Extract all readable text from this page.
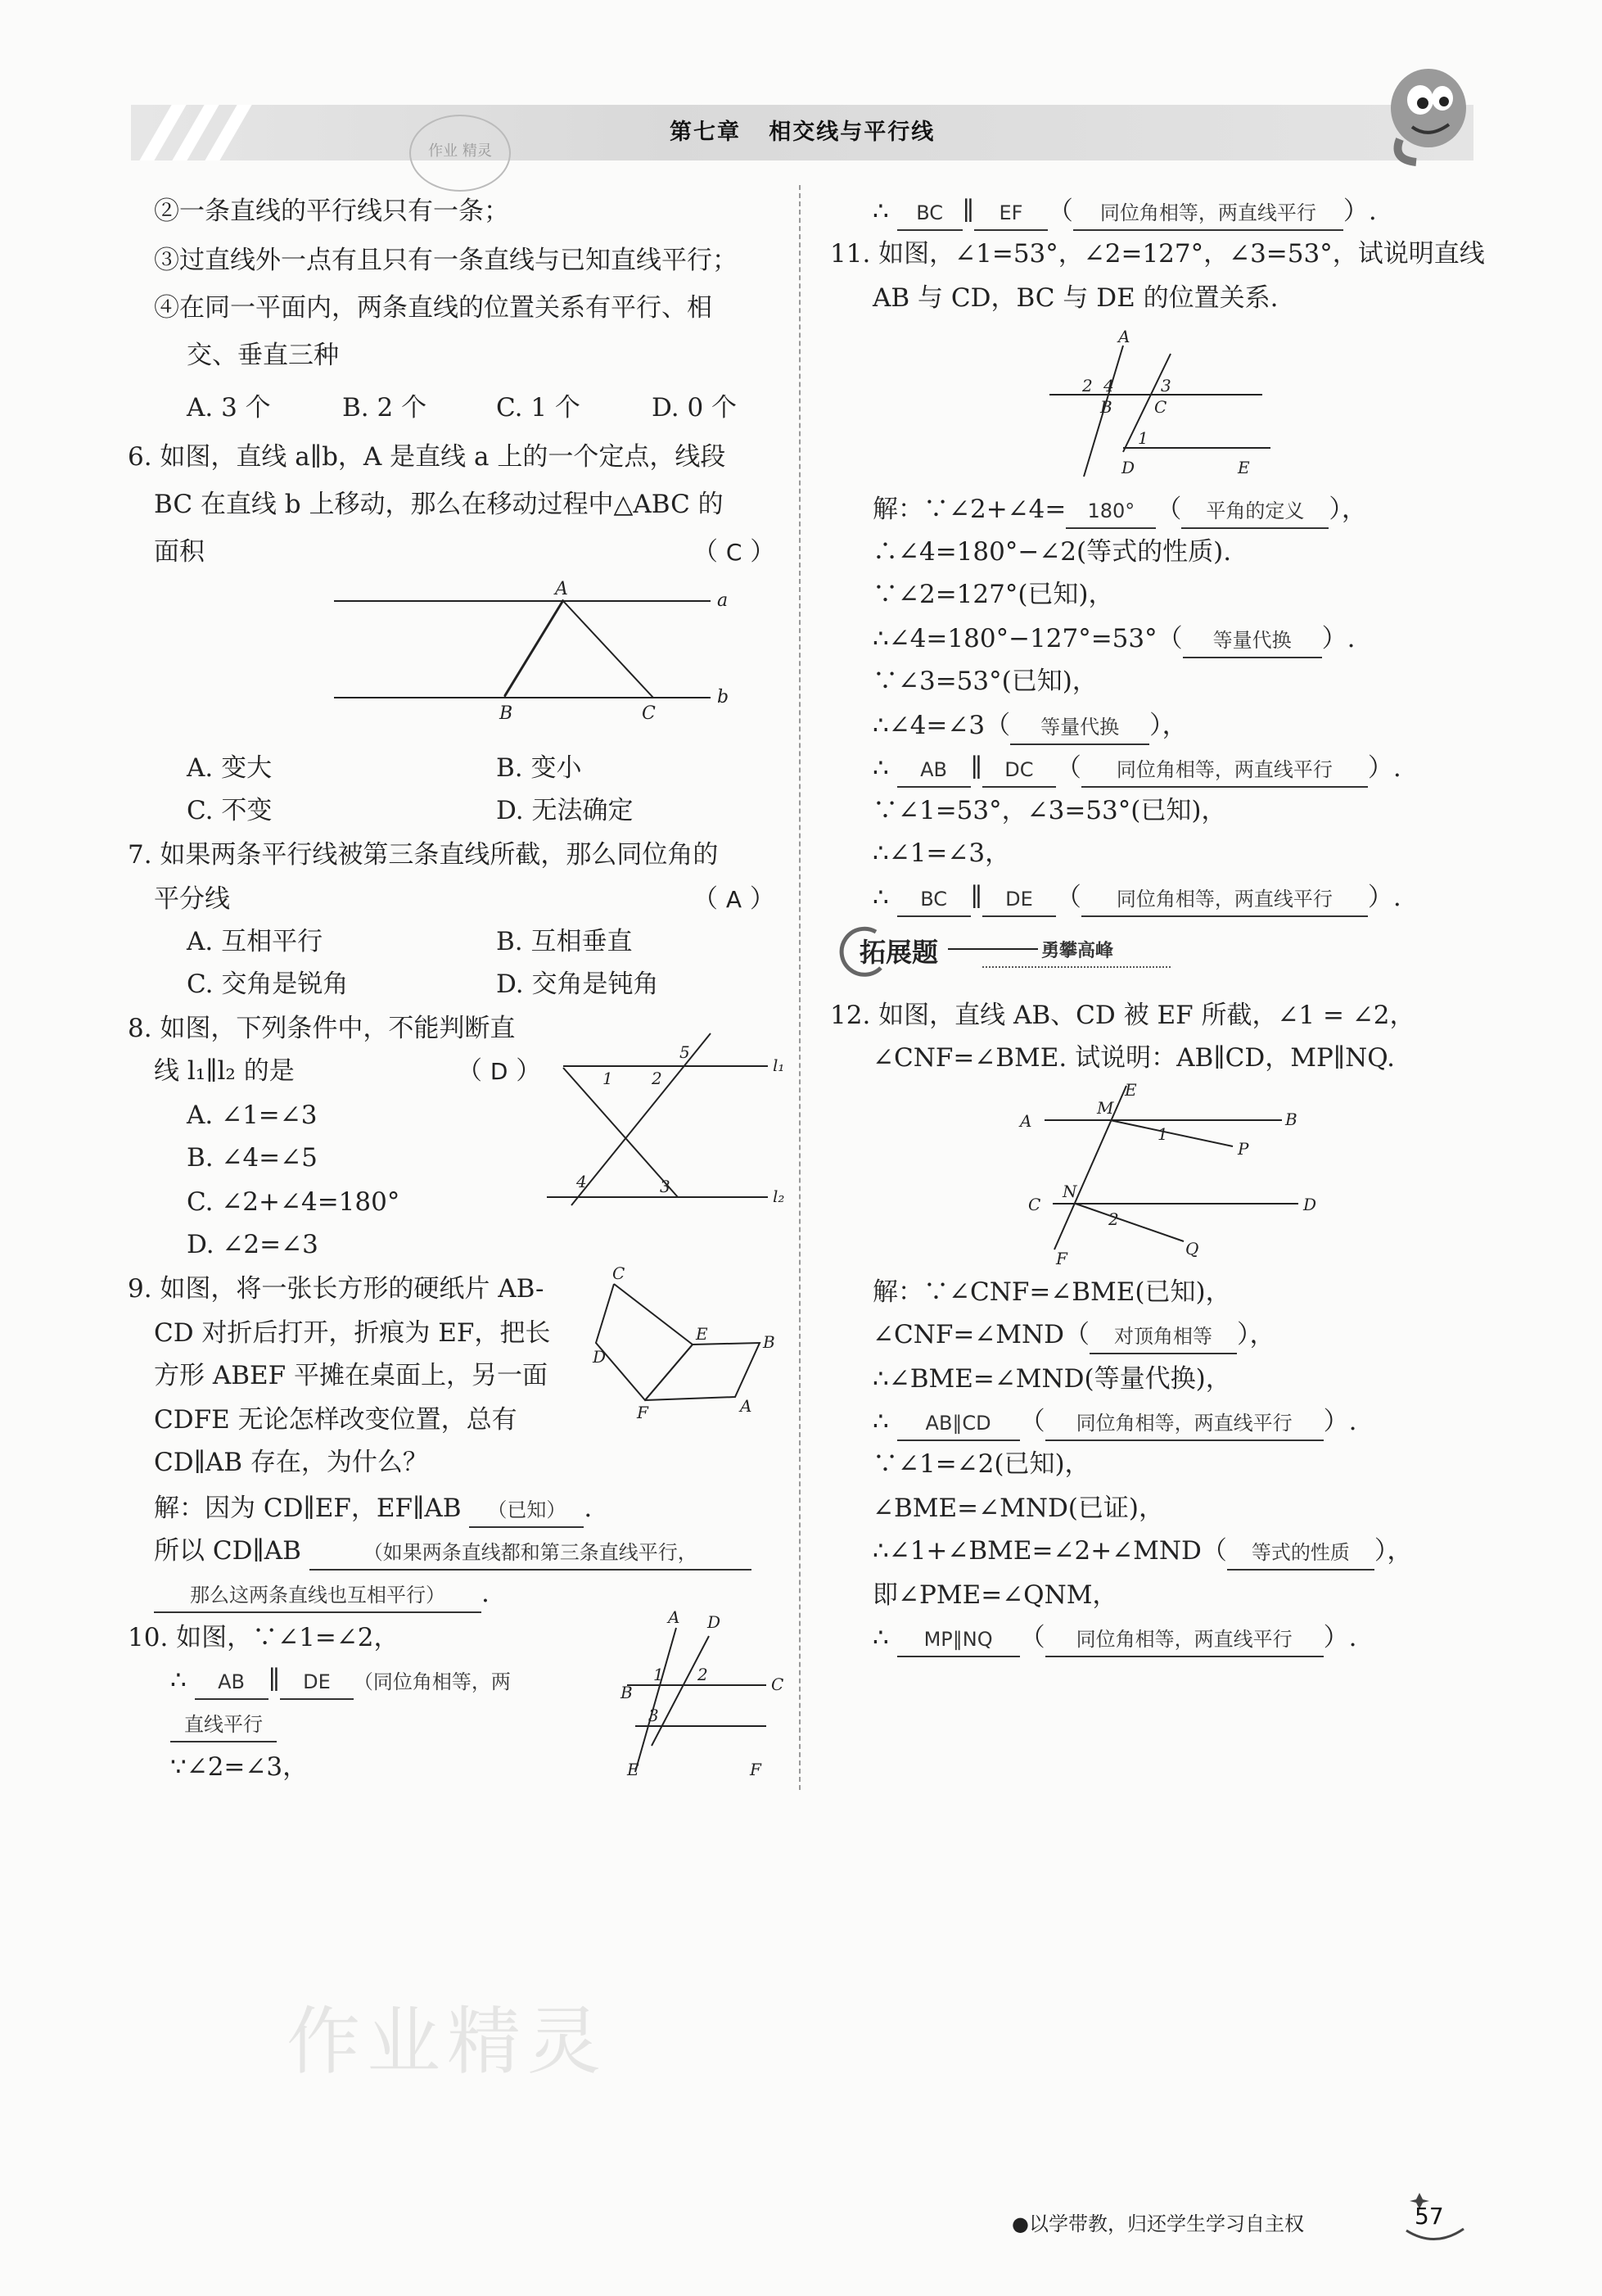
第七章 相交线与平行线
作业 精灵
②一条直线的平行线只有一条；
③过直线外一点有且只有一条直线与已知直线平行；
④在同一平面内，两条直线的位置关系有平行、相
交、垂直三种
A. 3 个	B. 2 个	C. 1 个	D. 0 个
6. 如图，直线 a∥b，A 是直线 a 上的一个定点，线段
BC 在直线 b 上移动，那么在移动过程中△ABC 的
面积	（ C ）
A
a
B	C
b
A. 变大	B. 变小
C. 不变	D. 无法确定
7. 如果两条平行线被第三条直线所截，那么同位角的
平分线	（ A ）
A. 互相平行	B. 互相垂直
C. 交角是锐角	D. 交角是钝角
8. 如图，下列条件中，不能判断直
线 l₁∥l₂ 的是	（ D ）
A. ∠1=∠3
B. ∠4=∠5
C. ∠2+∠4=180°
D. ∠2=∠3
1 2
5
3
4
l₁
l₂
9. 如图，将一张长方形的硬纸片 AB-
CD 对折后打开，折痕为 EF，把长
方形 ABEF 平摊在桌面上，另一面
CDFE 无论怎样改变位置，总有
CD∥AB 存在，为什么？
C
D
E	B
F	A
解：因为 CD∥EF，EF∥AB （已知） .
所以 CD∥AB	（如果两条直线都和第三条直线平行，
那么这两条直线也互相平行） .
10. 如图，∵∠1=∠2，
∴ AB ∥ DE （同位角相等，两
直线平行
∵∠2=∠3，
A D
B	C
E	F
1 2
3
∴ BC ∥ EF （ 同位角相等，两直线平行 ）.
11. 如图，∠1=53°，∠2=127°，∠3=53°，试说明直线
AB 与 CD，BC 与 DE 的位置关系.
A
2 4	3
B	C
1
D	E
解：∵∠2+∠4= 180° （ 平角的定义 ），
∴∠4=180°−∠2(等式的性质).
∵∠2=127°(已知)，
∴∠4=180°−127°=53°（ 等量代换 ）.
∵∠3=53°(已知)，
∴∠4=∠3（ 等量代换 ），
∴ AB ∥ DC （ 同位角相等，两直线平行 ）.
∵∠1=53°，∠3=53°(已知)，
∴∠1=∠3，
∴ BC ∥ DE （ 同位角相等，两直线平行 ）.
拓展题	勇攀高峰
12. 如图，直线 AB、CD 被 EF 所截，∠1 = ∠2，
∠CNF=∠BME. 试说明：AB∥CD，MP∥NQ.
A
M
E
B
1
P
C
N
D
2
Q
F
解：∵∠CNF=∠BME(已知)，
∠CNF=∠MND（ 对顶角相等 ），
∴∠BME=∠MND(等量代换)，
∴ AB∥CD （ 同位角相等，两直线平行 ）.
∵∠1=∠2(已知)，
∠BME=∠MND(已证)，
∴∠1+∠BME=∠2+∠MND（ 等式的性质 ），
即∠PME=∠QNM，
∴ MP∥NQ （ 同位角相等，两直线平行 ）.
作业精灵
●以学带教，归还学生学习自主权	57
